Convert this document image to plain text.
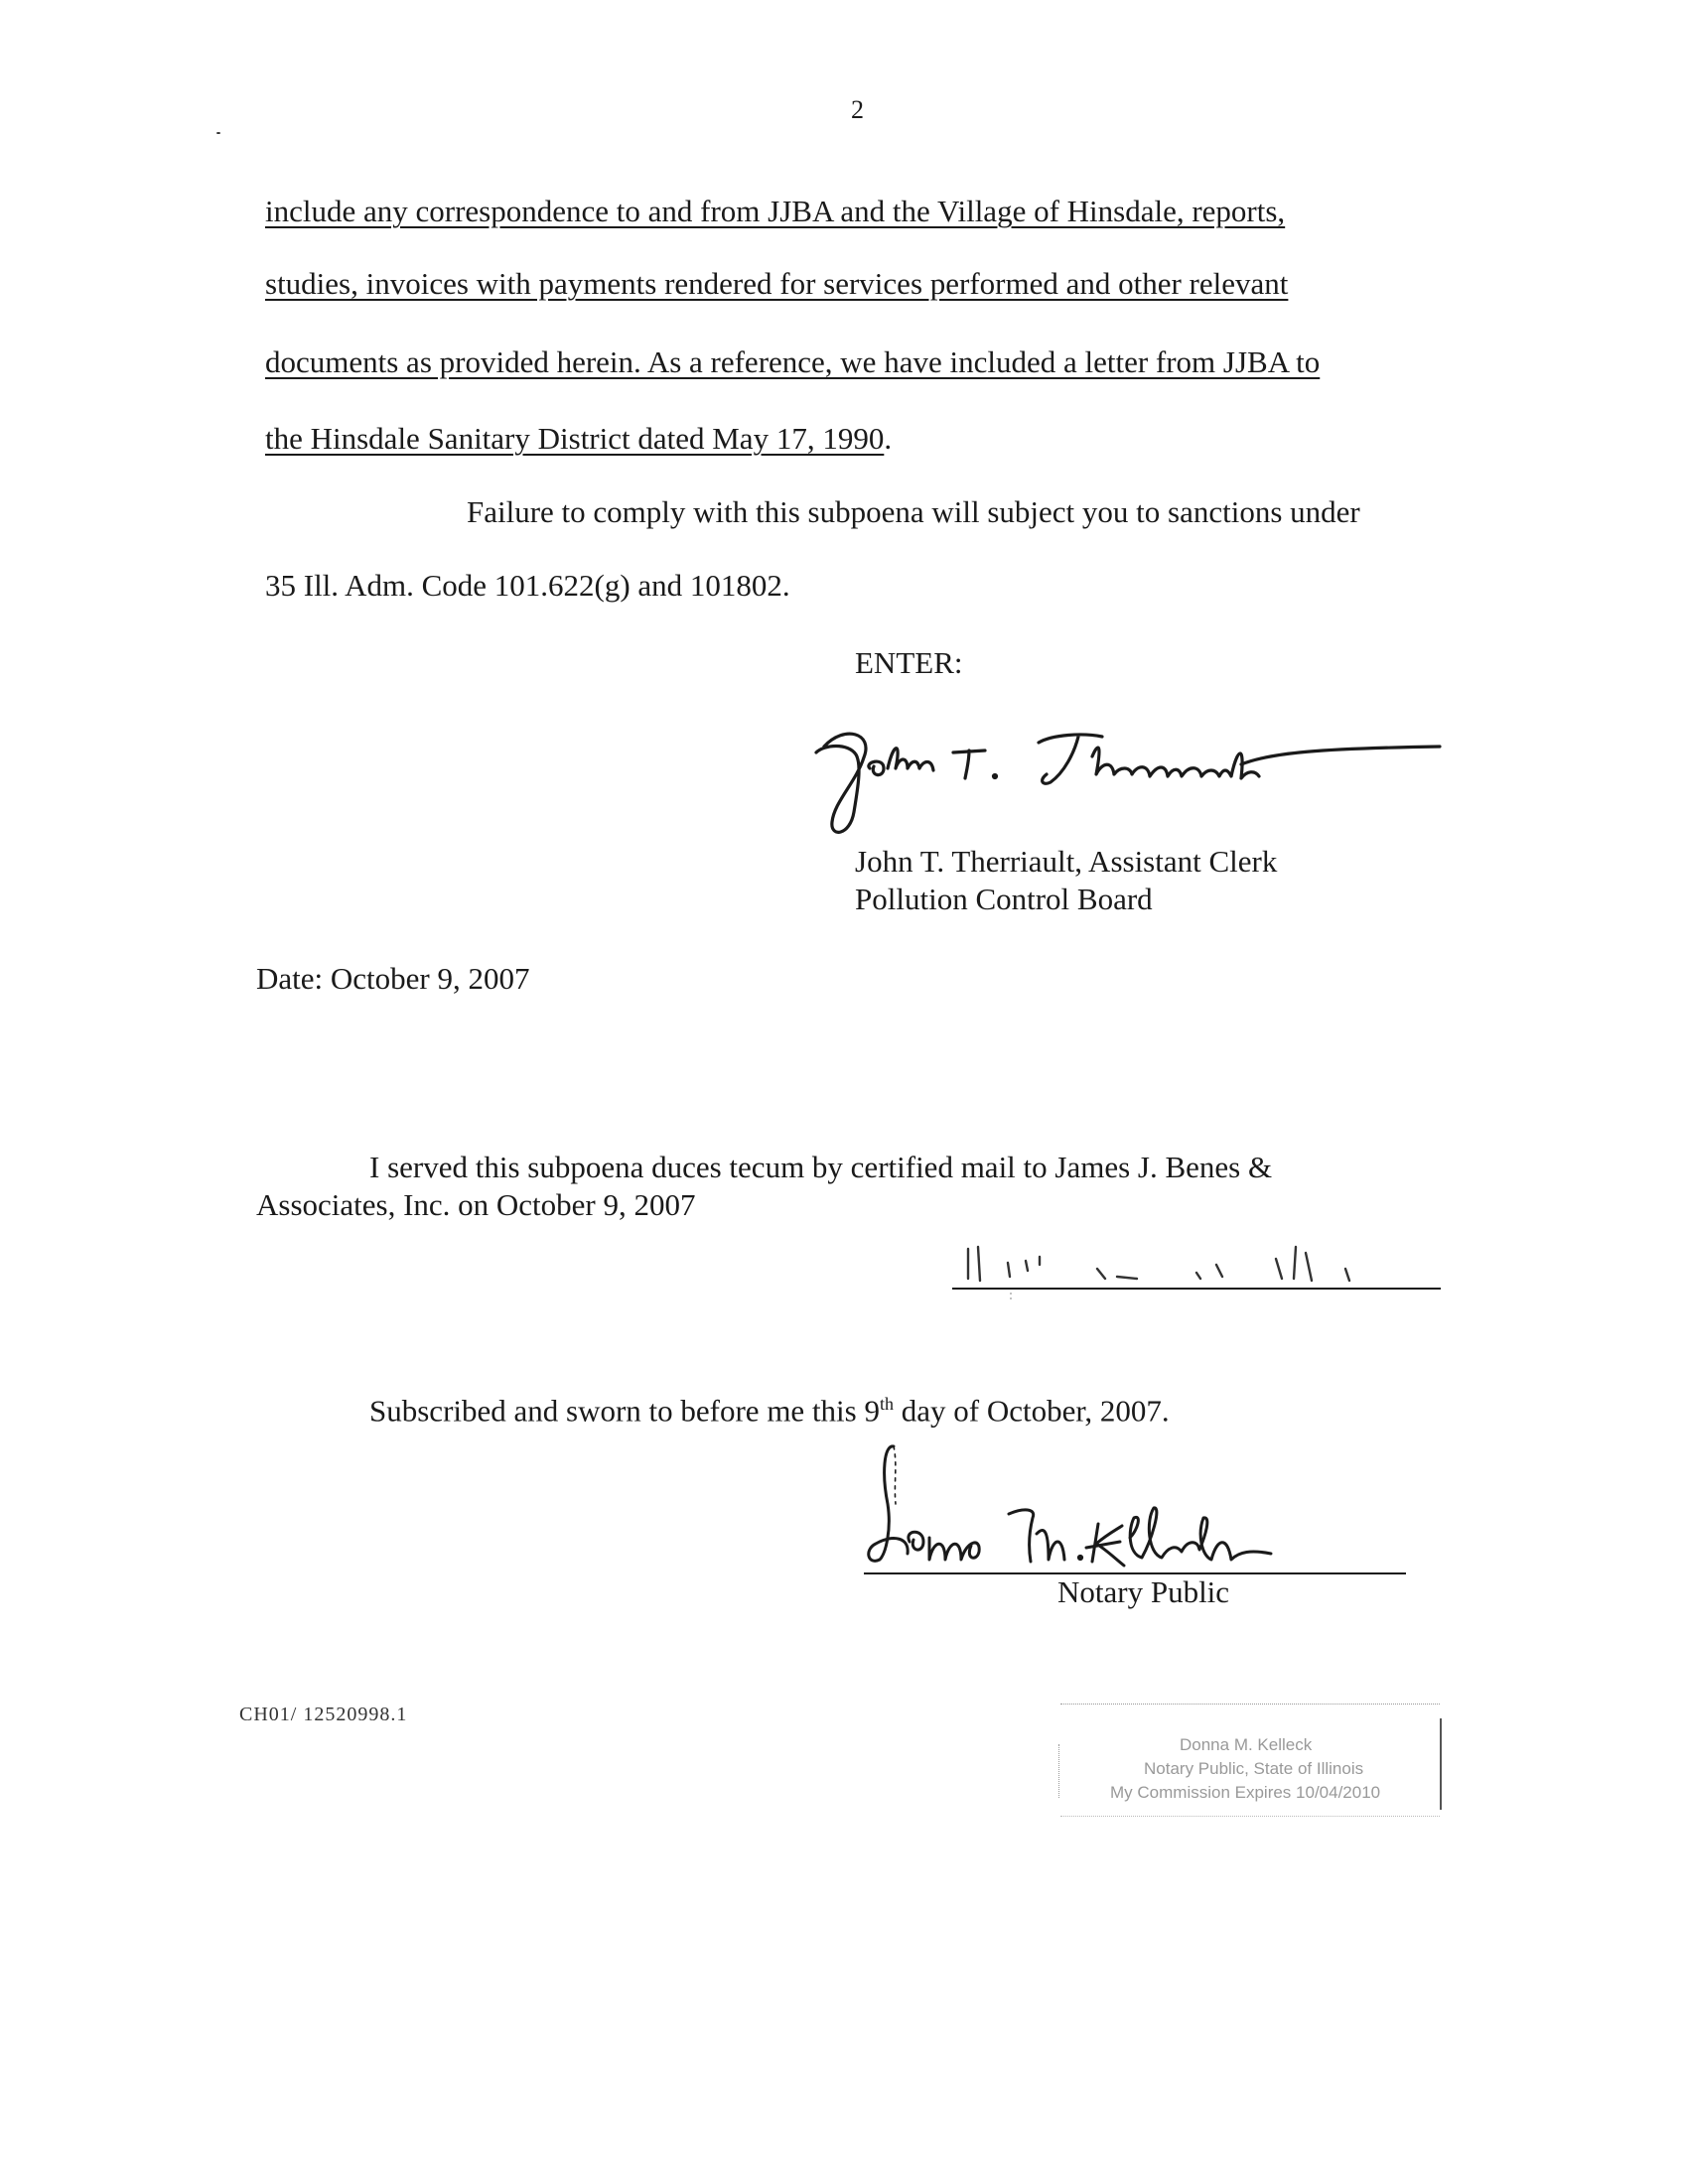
2
include any correspondence to and from JJBA and the Village of Hinsdale, reports,
studies, invoices with payments rendered for services performed and other relevant
documents as provided herein. As a reference, we have included a letter from JJBA to
the Hinsdale Sanitary District dated May 17, 1990.
Failure to comply with this subpoena will subject you to sanctions under
35 Ill. Adm. Code 101.622(g) and 101802.
ENTER:
John T. Therriault, Assistant Clerk
Pollution Control Board
Date: October 9, 2007
I served this subpoena duces tecum by certified mail to James J. Benes &
Associates, Inc. on October 9, 2007
Subscribed and sworn to before me this 9th day of October, 2007.
Notary Public
CH01/ 12520998.1
Donna M. Kelleck
Notary Public, State of Illinois
My Commission Expires 10/04/2010
